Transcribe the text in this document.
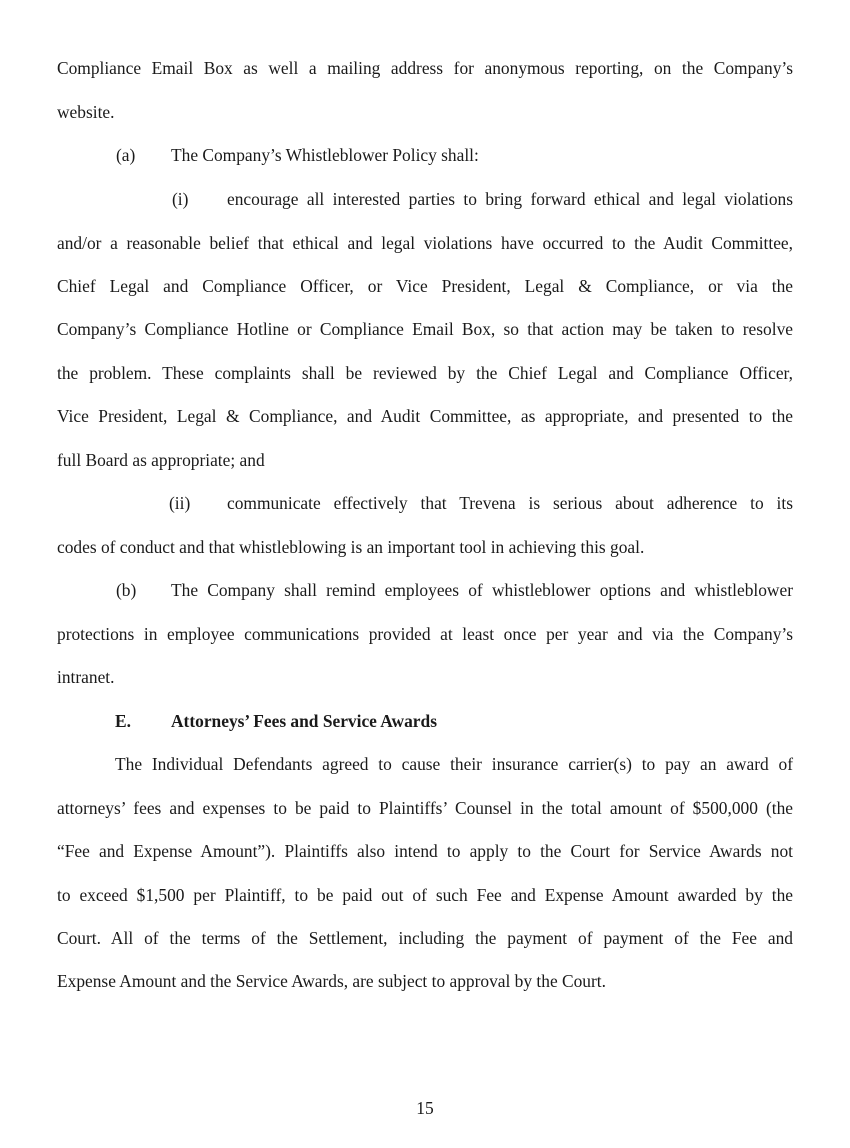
Compliance Email Box as well a mailing address for anonymous reporting, on the Company’s
website.
(a) The Company’s Whistleblower Policy shall:
(i) encourage all interested parties to bring forward ethical and legal violations
and/or a reasonable belief that ethical and legal violations have occurred to the Audit Committee,
Chief Legal and Compliance Officer, or Vice President, Legal & Compliance, or via the
Company’s Compliance Hotline or Compliance Email Box, so that action may be taken to resolve
the problem. These complaints shall be reviewed by the Chief Legal and Compliance Officer,
Vice President, Legal & Compliance, and Audit Committee, as appropriate, and presented to the
full Board as appropriate; and
(ii) communicate effectively that Trevena is serious about adherence to its
codes of conduct and that whistleblowing is an important tool in achieving this goal.
(b) The Company shall remind employees of whistleblower options and whistleblower
protections in employee communications provided at least once per year and via the Company’s
intranet.
E. Attorneys’ Fees and Service Awards
The Individual Defendants agreed to cause their insurance carrier(s) to pay an award of
attorneys’ fees and expenses to be paid to Plaintiffs’ Counsel in the total amount of $500,000 (the
“Fee and Expense Amount”). Plaintiffs also intend to apply to the Court for Service Awards not
to exceed $1,500 per Plaintiff, to be paid out of such Fee and Expense Amount awarded by the
Court. All of the terms of the Settlement, including the payment of payment of the Fee and
Expense Amount and the Service Awards, are subject to approval by the Court.
15
